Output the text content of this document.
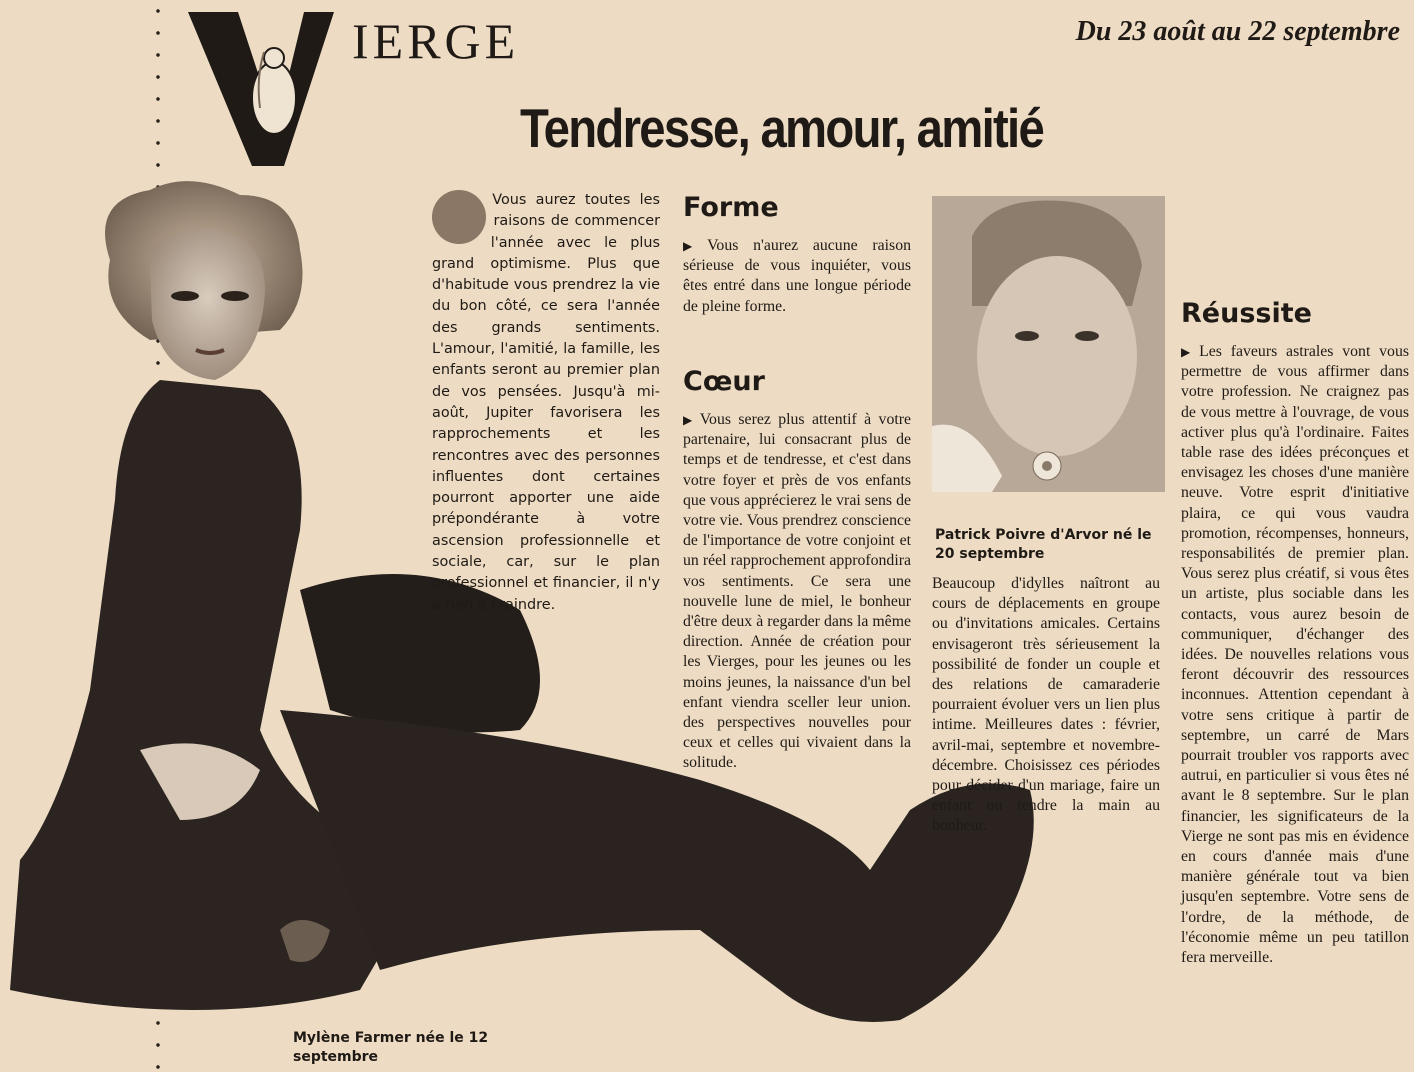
IERGE	Du 23 août au 22 septembre
Tendresse, amour, amitié

Vous aurez toutes les raisons de commencer l'année avec le plus grand optimisme. Plus que d'habitude vous prendrez la vie du bon côté, ce sera l'année des grands sentiments. L'amour, l'amitié, la famille, les enfants seront au premier plan de vos pensées. Jusqu'à mi-août, Jupiter favorisera les rapprochements et les rencontres avec des personnes influentes dont certaines pourront apporter une aide prépondérante à votre ascension professionnelle et sociale, car, sur le plan professionnel et financier, il n'y a rien à craindre.

Forme

▶ Vous n'aurez aucune raison sérieuse de vous inquiéter, vous êtes entré dans une longue période de pleine forme.

Cœur

▶ Vous serez plus attentif à votre partenaire, lui consacrant plus de temps et de tendresse, et c'est dans votre foyer et près de vos enfants que vous apprécierez le vrai sens de votre vie. Vous prendrez conscience de l'importance de votre conjoint et un réel rapprochement approfondira vos sentiments. Ce sera une nouvelle lune de miel, le bonheur d'être deux à regarder dans la même direction. Année de création pour les Vierges, pour les jeunes ou les moins jeunes, la naissance d'un bel enfant viendra sceller leur union. des perspectives nouvelles pour ceux et celles qui vivaient dans la solitude.

Patrick Poivre d'Arvor né le 20 septembre

Beaucoup d'idylles naîtront au cours de déplacements en groupe ou d'invitations amicales. Certains envisageront très sérieusement la possibilité de fonder un couple et des relations de camaraderie pourraient évoluer vers un lien plus intime. Meilleures dates : février, avril-mai, septembre et novembre-décembre. Choisissez ces périodes pour décider d'un mariage, faire un enfant ou tendre la main au bonheur.

Réussite

▶ Les faveurs astrales vont vous permettre de vous affirmer dans votre profession. Ne craignez pas de vous mettre à l'ouvrage, de vous activer plus qu'à l'ordinaire. Faites table rase des idées préconçues et envisagez les choses d'une manière neuve. Votre esprit d'initiative plaira, ce qui vous vaudra promotion, récompenses, honneurs, responsabilités de premier plan. Vous serez plus créatif, si vous êtes un artiste, plus sociable dans les contacts, vous aurez besoin de communiquer, d'échanger des idées. De nouvelles relations vous feront découvrir des ressources inconnues. Attention cependant à votre sens critique à partir de septembre, un carré de Mars pourrait troubler vos rapports avec autrui, en particulier si vous êtes né avant le 8 septembre. Sur le plan financier, les significateurs de la Vierge ne sont pas mis en évidence en cours d'année mais d'une manière générale tout va bien jusqu'en septembre. Votre sens de l'ordre, de la méthode, de l'économie même un peu tatillon fera merveille.

Mylène Farmer née le 12 septembre
